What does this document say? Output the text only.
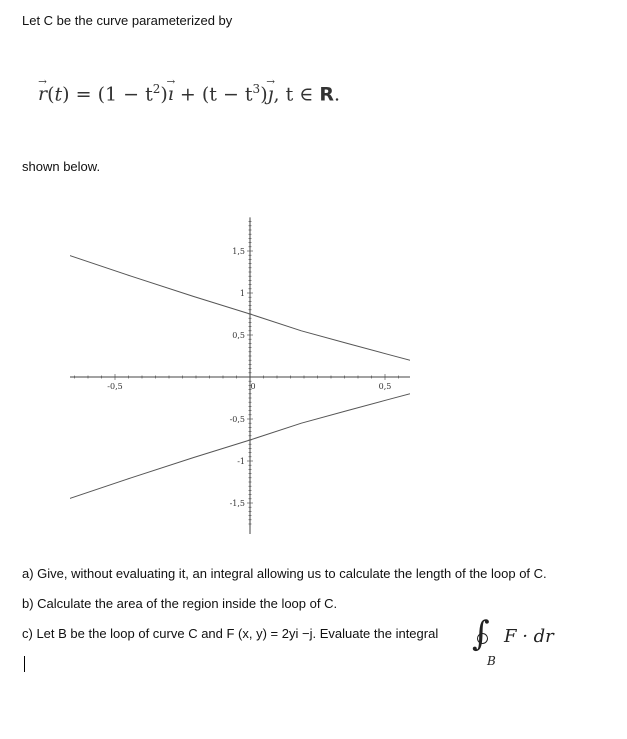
Let C be the curve parameterized by
→ $r(t) = (1 - t^2)\to$ ı + $(t - t^3)\to$ ȷ, t ∈ R.
shown below.
-0,5	0	0,5
1,5
1
0,5
-0,5
-1
-1,5
a) Give, without evaluating it, an integral allowing us to calculate the length of the loop of C.
b) Calculate the area of the region inside the loop of C.
c) Let B be the loop of curve C and F (x, y) = 2yi −j. Evaluate the integral ∫
B
F · dr
